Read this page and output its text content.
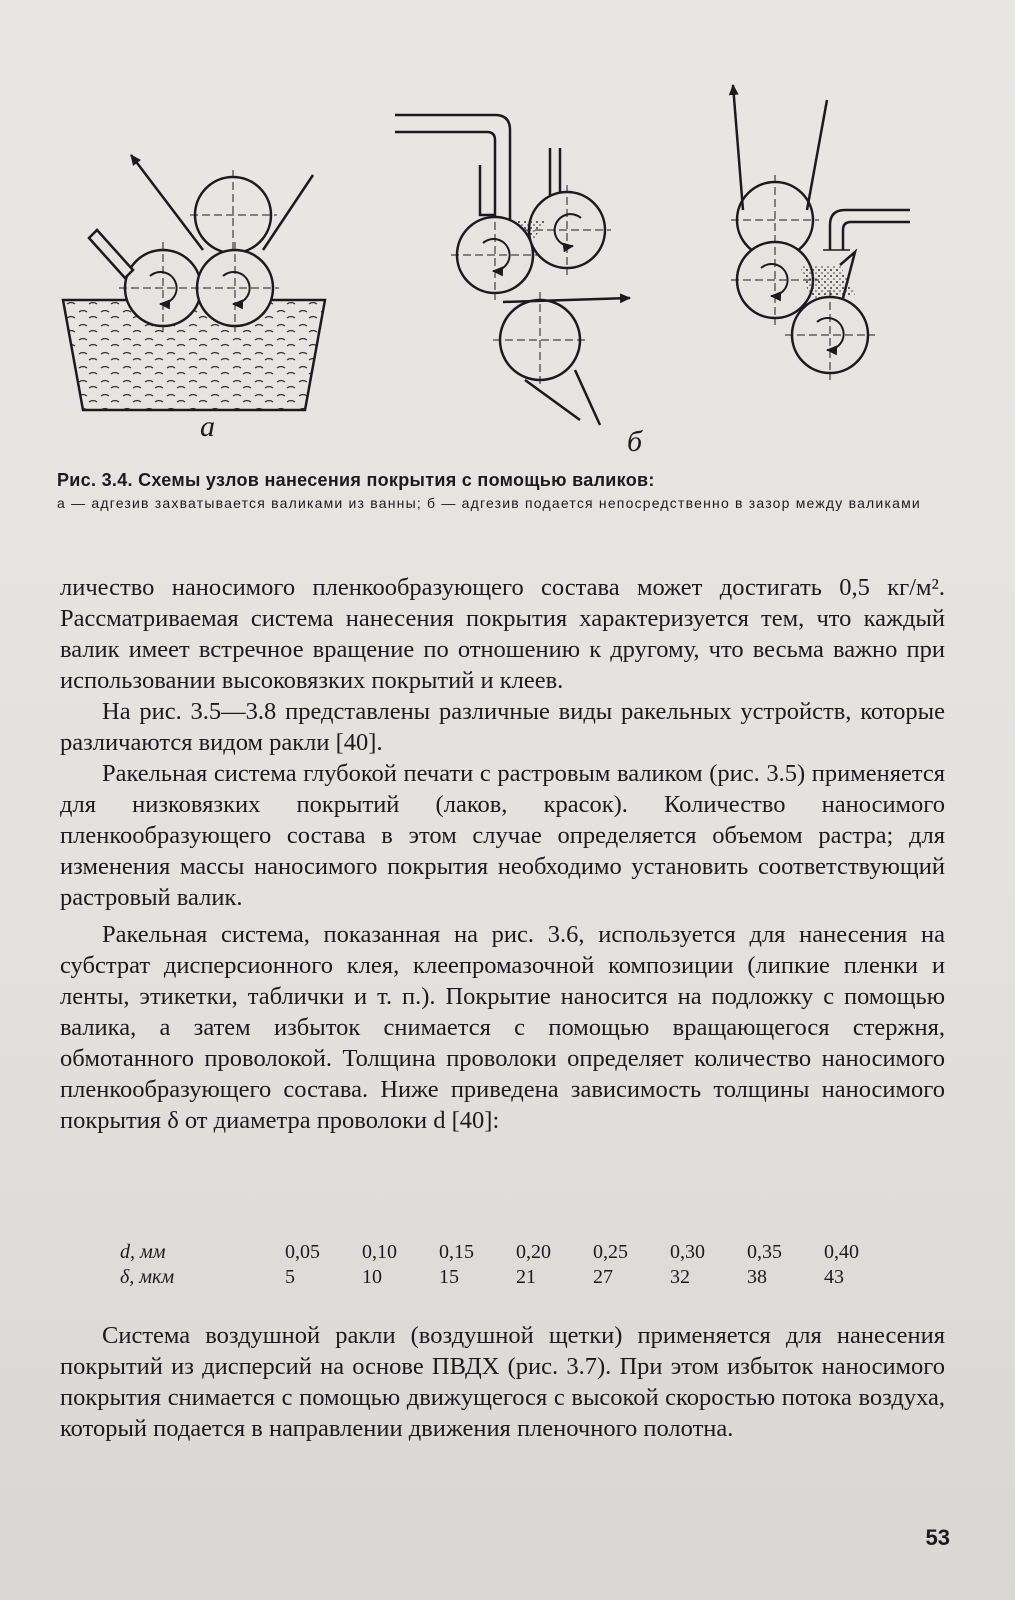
а	б
Рис. 3.4. Схемы узлов нанесения покрытия с помощью валиков:
а — адгезив захватывается валиками из ванны; б — адгезив подается непосредственно в зазор между валиками

личество наносимого пленкообразующего состава может достигать 0,5 кг/м². Рассматриваемая система нанесения покрытия характеризуется тем, что каждый валик имеет встречное вращение по отношению к другому, что весьма важно при использовании высоковязких покрытий и клеев.

На рис. 3.5—3.8 представлены различные виды ракельных устройств, которые различаются видом ракли [40].

Ракельная система глубокой печати с растровым валиком (рис. 3.5) применяется для низковязких покрытий (лаков, красок). Количество наносимого пленкообразующего состава в этом случае определяется объемом растра; для изменения массы наносимого покрытия необходимо установить соответствующий растровый валик.

Ракельная система, показанная на рис. 3.6, используется для нанесения на субстрат дисперсионного клея, клеепромазочной композиции (липкие пленки и ленты, этикетки, таблички и т. п.). Покрытие наносится на подложку с помощью валика, а затем избыток снимается с помощью вращающегося стержня, обмотанного проволокой. Толщина проволоки определяет количество наносимого пленкообразующего состава. Ниже приведена зависимость толщины наносимого покрытия δ от диаметра проволоки d [40]:

d, мм	0,05	0,10	0,15	0,20	0,25	0,30	0,35	0,40
δ, мкм	5	10	15	21	27	32	38	43

Система воздушной ракли (воздушной щетки) применяется для нанесения покрытий из дисперсий на основе ПВДХ (рис. 3.7). При этом избыток наносимого покрытия снимается с помощью движущегося с высокой скоростью потока воздуха, который подается в направлении движения пленочного полотна.

53
